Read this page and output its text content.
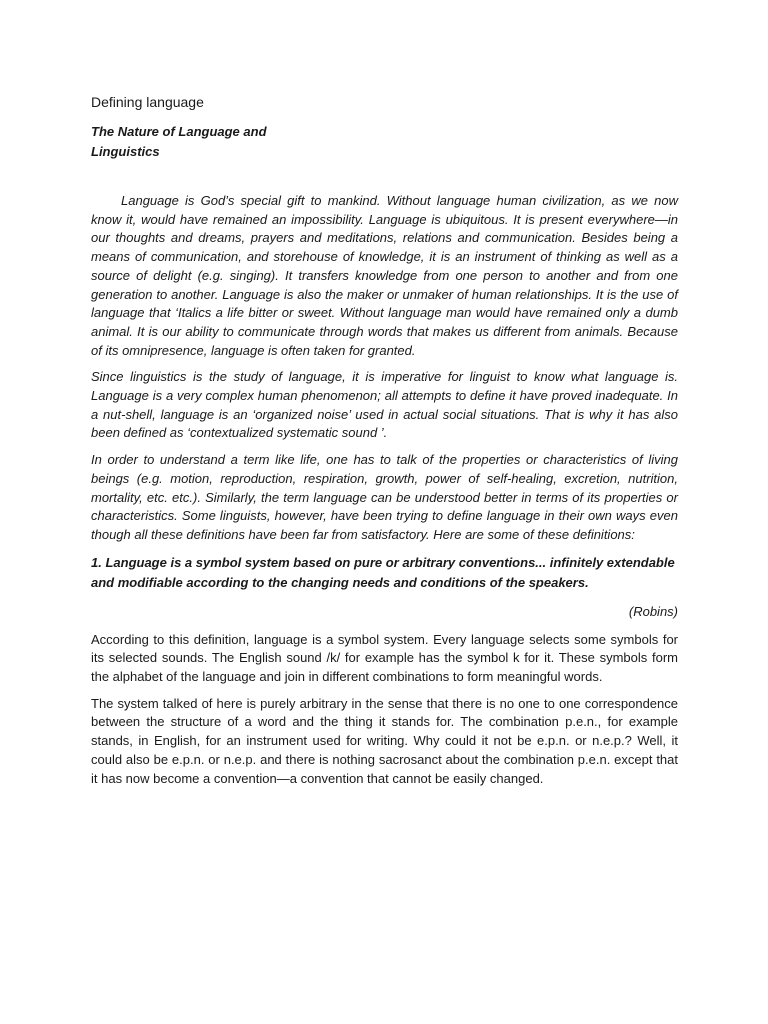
Defining language
The Nature of Language and Linguistics

Language is God’s special gift to mankind. Without language human civilization, as we now know it, would have remained an impossibility. Language is ubiquitous. It is present everywhere—in our thoughts and dreams, prayers and meditations, relations and communication. Besides being a means of communication, and storehouse of knowledge, it is an instrument of thinking as well as a source of delight (e.g. singing). It transfers knowledge from one person to another and from one generation to another. Language is also the maker or unmaker of human relationships. It is the use of language that ‘Italics a life bitter or sweet. Without language man would have remained only a dumb animal. It is our ability to communicate through words that makes us different from animals. Because of its omnipresence, language is often taken for granted.

Since linguistics is the study of language, it is imperative for linguist to know what language is. Language is a very complex human phenomenon; all attempts to define it have proved inadequate. In a nut-shell, language is an ‘organized noise’ used in actual social situations. That is why it has also been defined as ‘contextualized systematic sound ’.

In order to understand a term like life, one has to talk of the properties or characteristics of living beings (e.g. motion, reproduction, respiration, growth, power of self-healing, excretion, nutrition, mortality, etc. etc.). Similarly, the term language can be understood better in terms of its properties or characteristics. Some linguists, however, have been trying to define language in their own ways even though all these definitions have been far from satisfactory. Here are some of these definitions:

1. Language is a symbol system based on pure or arbitrary conventions... infinitely extendable and modifiable according to the changing needs and conditions of the speakers.
(Robins)

According to this definition, language is a symbol system. Every language selects some symbols for its selected sounds. The English sound /k/ for example has the symbol k for it. These symbols form the alphabet of the language and join in different combinations to form meaningful words.

The system talked of here is purely arbitrary in the sense that there is no one to one correspondence between the structure of a word and the thing it stands for. The combination p.e.n., for example stands, in English, for an instrument used for writing. Why could it not be e.p.n. or n.e.p.? Well, it could also be e.p.n. or n.e.p. and there is nothing sacrosanct about the combination p.e.n. except that it has now become a convention—a convention that cannot be easily changed.
